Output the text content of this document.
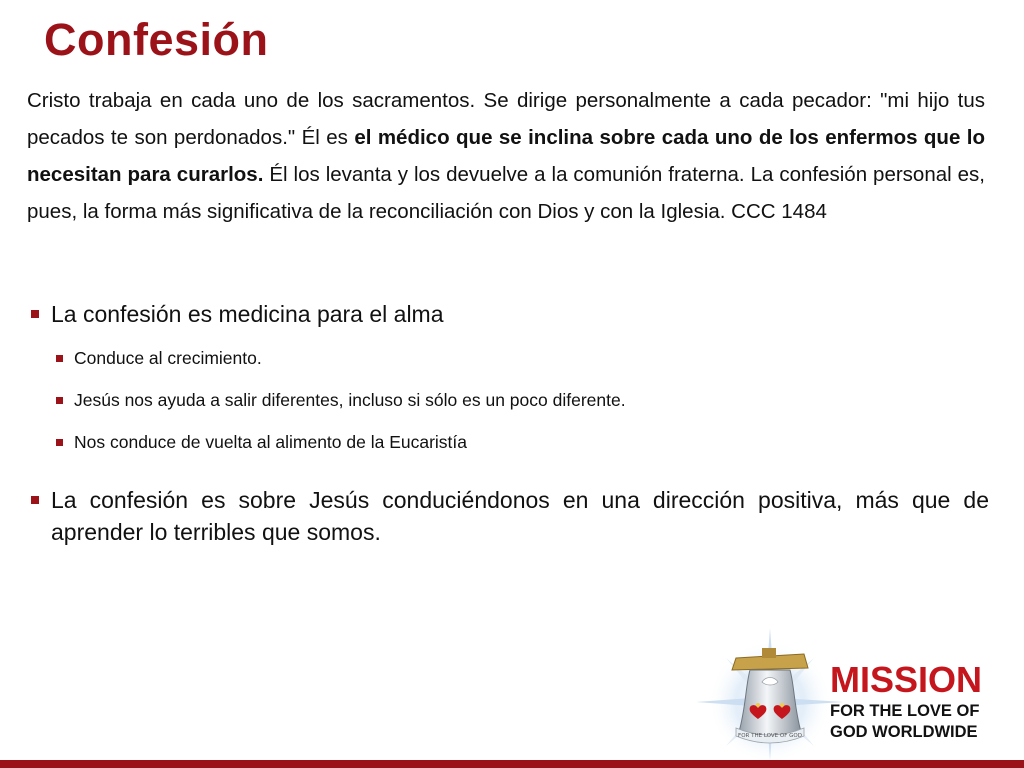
Confesión
Cristo trabaja en cada uno de los sacramentos. Se dirige personalmente a cada pecador: "mi hijo tus pecados te son perdonados." Él es el médico que se inclina sobre cada uno de los enfermos que lo necesitan para curarlos. Él los levanta y los devuelve a la comunión fraterna. La confesión personal es, pues, la forma más significativa de la reconciliación con Dios y con la Iglesia. CCC 1484
La confesión es medicina para el alma
Conduce al crecimiento.
Jesús nos ayuda a salir diferentes, incluso si sólo es un poco diferente.
Nos conduce de vuelta al alimento de la Eucaristía
La confesión es sobre Jesús conduciéndonos en una dirección positiva, más que de aprender lo terribles que somos.
FOR THE LOVE OF GOD
MISSION
FOR THE LOVE OF
GOD WORLDWIDE
